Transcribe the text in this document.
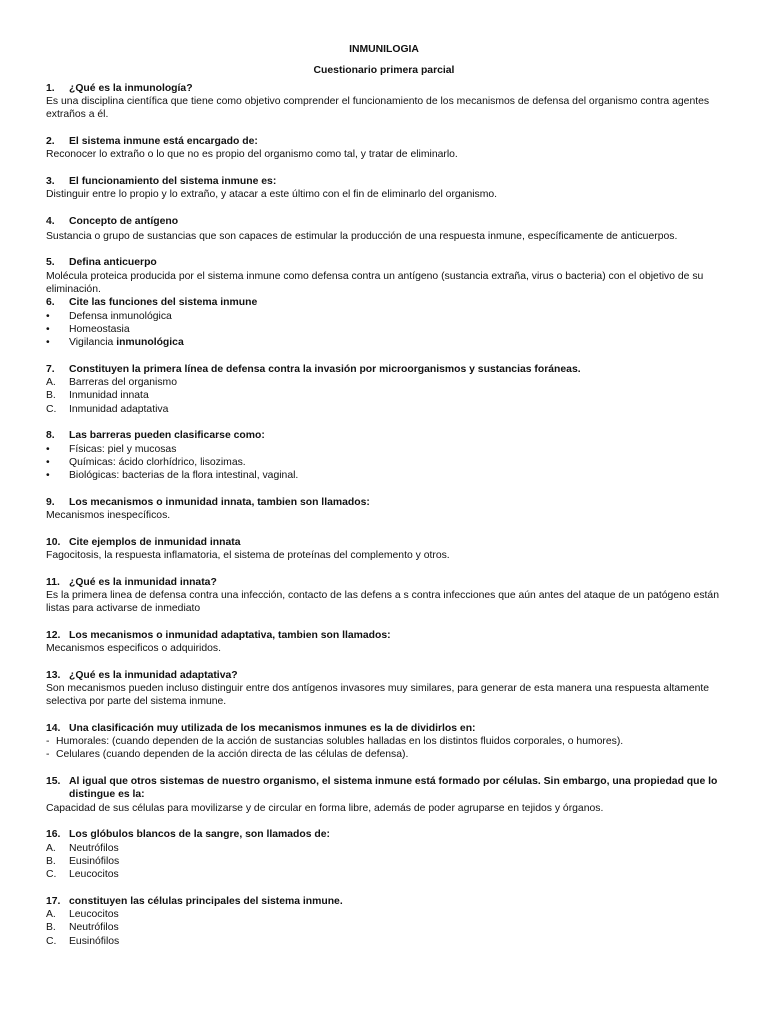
INMUNILOGIA
Cuestionario primera parcial
1.	¿Qué es la inmunología?
Es una disciplina científica que tiene como objetivo comprender el funcionamiento de los mecanismos de defensa del organismo contra agentes extraños a él.
2.	El sistema inmune está encargado de:
Reconocer lo extraño o lo que no es propio del organismo como tal, y tratar de eliminarlo.
3.	El funcionamiento del sistema inmune es:
Distinguir entre lo propio y lo extraño, y atacar a este último con el fin de eliminarlo del organismo.
4.	Concepto de antígeno
Sustancia o grupo de sustancias que son capaces de estimular la producción de una respuesta inmune, específicamente de anticuerpos.
5.	Defina anticuerpo
Molécula proteica producida por el sistema inmune como defensa contra un antígeno (sustancia extraña, virus o bacteria) con el objetivo de su eliminación.
6.	Cite las funciones del sistema inmune
•	Defensa inmunológica
•	Homeostasia
•	Vigilancia inmunológica
7.	Constituyen la primera línea de defensa contra la invasión por microorganismos y sustancias foráneas.
A.	Barreras del organismo
B.	Inmunidad innata
C.	Inmunidad adaptativa
8.	Las barreras pueden clasificarse como:
•	Físicas: piel y mucosas
•	Químicas: ácido clorhídrico, lisozimas.
•	Biológicas: bacterias de la flora intestinal, vaginal.
9.	Los mecanismos o inmunidad innata, tambien son llamados:
Mecanismos inespecíficos.
10. Cite ejemplos de inmunidad innata
Fagocitosis, la respuesta inflamatoria, el sistema de proteínas del complemento y otros.
11. ¿Qué es la inmunidad innata?
Es la primera linea de defensa contra una infección, contacto de las defens a s contra infecciones que aún antes del ataque de un patógeno están listas para activarse de inmediato
12. Los mecanismos o inmunidad adaptativa, tambien son llamados:
Mecanismos especificos o adquiridos.
13. ¿Qué es la inmunidad adaptativa?
Son mecanismos pueden incluso distinguir entre dos antígenos invasores muy similares, para generar de esta manera una respuesta altamente selectiva por parte del sistema inmune.
14. Una clasificación muy utilizada de los mecanismos inmunes es la de dividirlos en:
- Humorales: (cuando dependen de la acción de sustancias solubles halladas en los distintos fluidos corporales, o humores).
- Celulares (cuando dependen de la acción directa de las células de defensa).
15. Al igual que otros sistemas de nuestro organismo, el sistema inmune está formado por células. Sin embargo, una propiedad que lo distingue es la:
Capacidad de sus células para movilizarse y de circular en forma libre, además de poder agruparse en tejidos y órganos.
16. Los glóbulos blancos de la sangre, son llamados de:
A.	Neutrófilos
B.	Eusinófilos
C.	Leucocitos
17. constituyen las células principales del sistema inmune.
A.	Leucocitos
B.	Neutrófilos
C.	Eusinófilos
